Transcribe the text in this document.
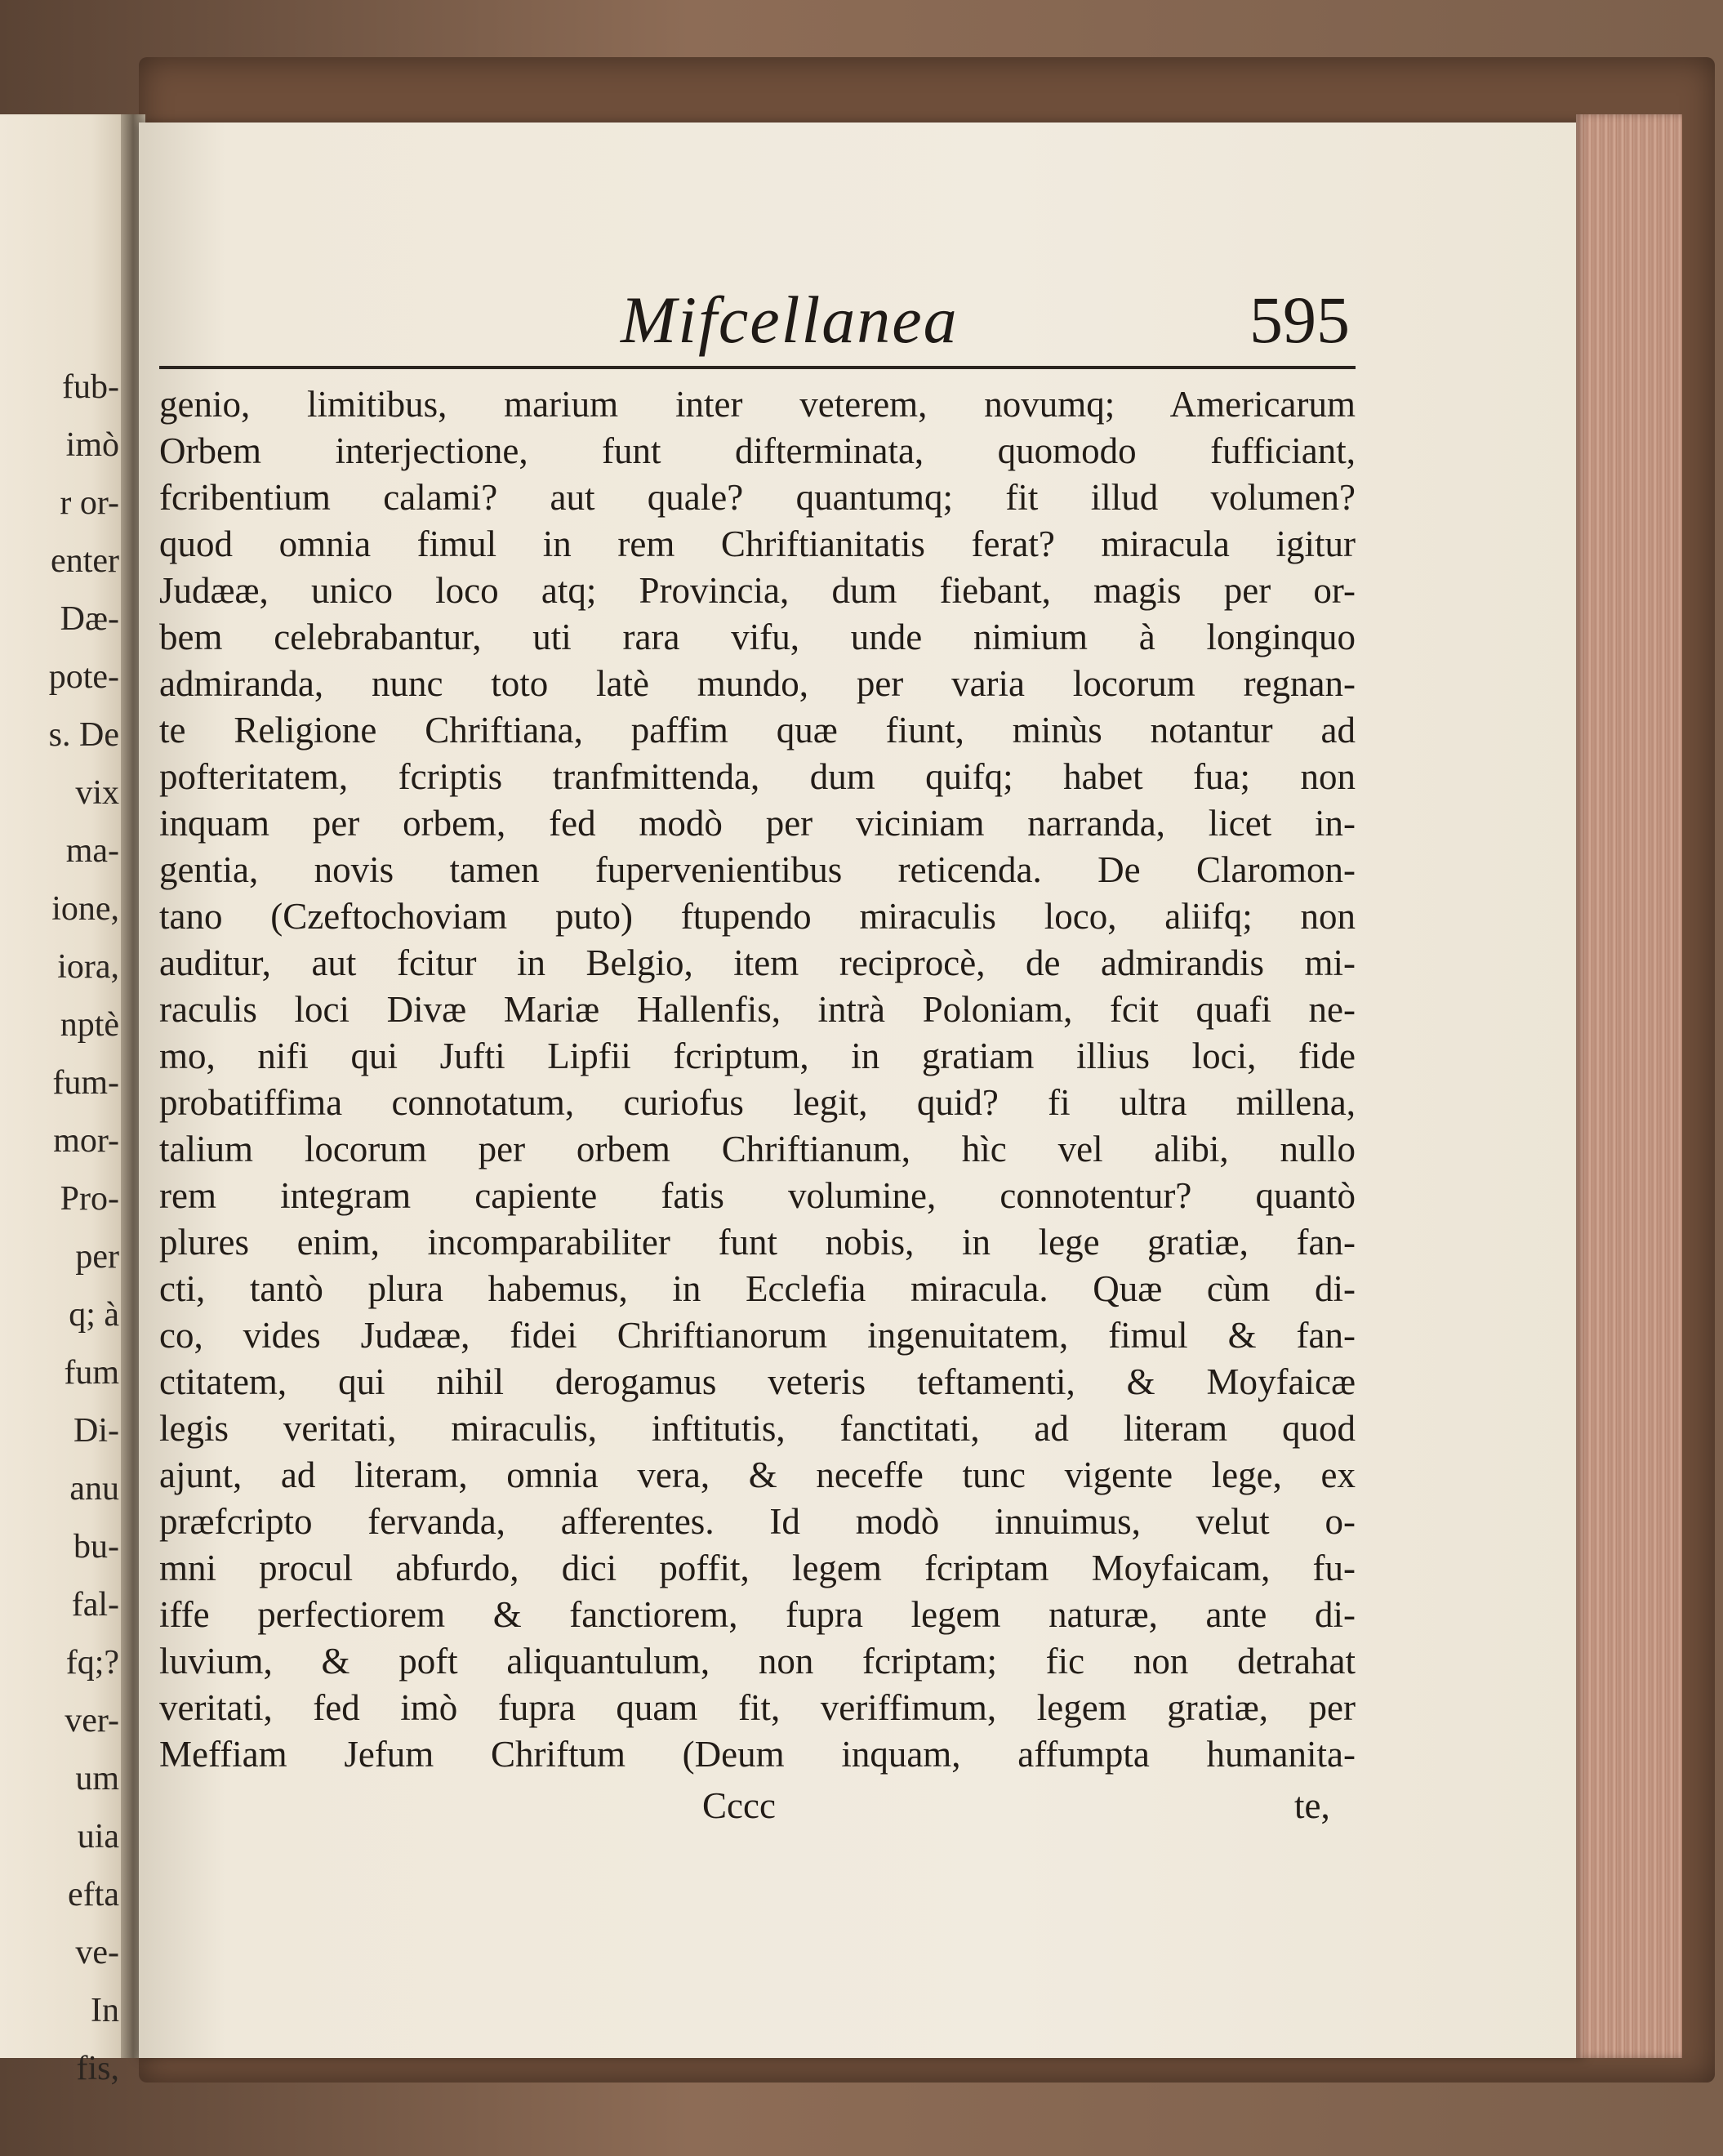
fub-
imò
r or-
enter
Dæ-
pote-
s. De
vix
ma-
ione,
iora,
nptè
fum-
mor-
Pro-
per
q; à
fum
Di-
anu
bu-
fal-
fq;?
ver-
um
uia
efta
ve-
In
fis,
Mifcellanea	595
genio, limitibus, marium inter veterem, novumq; Americarum
Orbem interjectione, funt difterminata, quomodo fufficiant,
fcribentium calami? aut quale? quantumq; fit illud volumen?
quod omnia fimul in rem Chriftianitatis ferat? miracula igitur
Judææ, unico loco atq; Provincia, dum fiebant, magis per or-
bem celebrabantur, uti rara vifu, unde nimium à longinquo
admiranda, nunc toto latè mundo, per varia locorum regnan-
te Religione Chriftiana, paffim quæ fiunt, minùs notantur ad
pofteritatem, fcriptis tranfmittenda, dum quifq; habet fua; non
inquam per orbem, fed modò per viciniam narranda, licet in-
gentia, novis tamen fupervenientibus reticenda. De Claromon-
tano (Czeftochoviam puto) ftupendo miraculis loco, aliifq; non
auditur, aut fcitur in Belgio, item reciprocè, de admirandis mi-
raculis loci Divæ Mariæ Hallenfis, intrà Poloniam, fcit quafi ne-
mo, nifi qui Jufti Lipfii fcriptum, in gratiam illius loci, fide
probatiffima connotatum, curiofus legit, quid? fi ultra millena,
talium locorum per orbem Chriftianum, hìc vel alibi, nullo
rem integram capiente fatis volumine, connotentur? quantò
plures enim, incomparabiliter funt nobis, in lege gratiæ, fan-
cti, tantò plura habemus, in Ecclefia miracula. Quæ cùm di-
co, vides Judææ, fidei Chriftianorum ingenuitatem, fimul & fan-
ctitatem, qui nihil derogamus veteris teftamenti, & Moyfaicæ
legis veritati, miraculis, inftitutis, fanctitati, ad literam quod
ajunt, ad literam, omnia vera, & neceffe tunc vigente lege, ex
præfcripto fervanda, afferentes. Id modò innuimus, velut o-
mni procul abfurdo, dici poffit, legem fcriptam Moyfaicam, fu-
iffe perfectiorem & fanctiorem, fupra legem naturæ, ante di-
luvium, & poft aliquantulum, non fcriptam; fic non detrahat
veritati, fed imò fupra quam fit, veriffimum, legem gratiæ, per
Meffiam Jefum Chriftum (Deum inquam, affumpta humanita-
Cccc	te,
